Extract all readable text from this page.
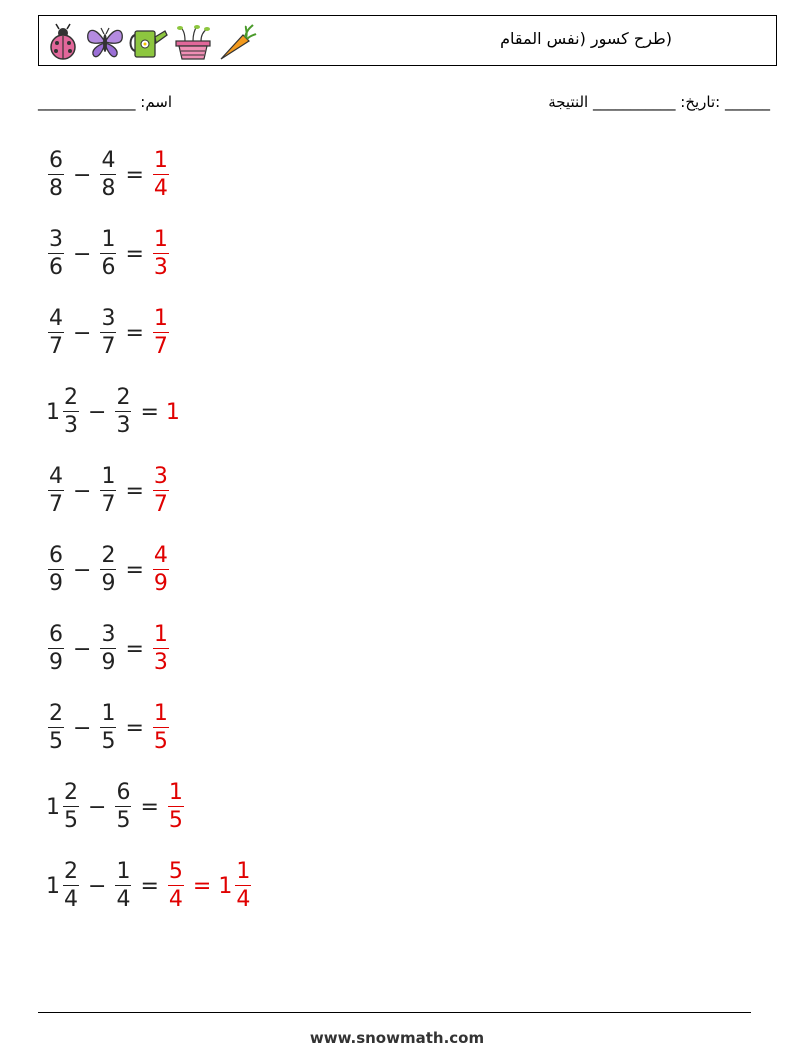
(طرح کسور (نفس المقام
______ :تاريخ: ___________ النتيجة
اسم: _____________
$\frac{6}{8} - \frac{4}{8} = \frac{1}{4}$
$\frac{3}{6} - \frac{1}{6} = \frac{1}{3}$
$\frac{4}{7} - \frac{3}{7} = \frac{1}{7}$
$1 \frac{2}{3} - \frac{2}{3} = 1$
$\frac{4}{7} - \frac{1}{7} = \frac{3}{7}$
$\frac{6}{9} - \frac{2}{9} = \frac{4}{9}$
$\frac{6}{9} - \frac{3}{9} = \frac{1}{3}$
$\frac{2}{5} - \frac{1}{5} = \frac{1}{5}$
$1 \frac{2}{5} - \frac{6}{5} = \frac{1}{5}$
$1 \frac{2}{4} - \frac{1}{4} = \frac{5}{4} = 1 \frac{1}{4}$
www.snowmath.com
